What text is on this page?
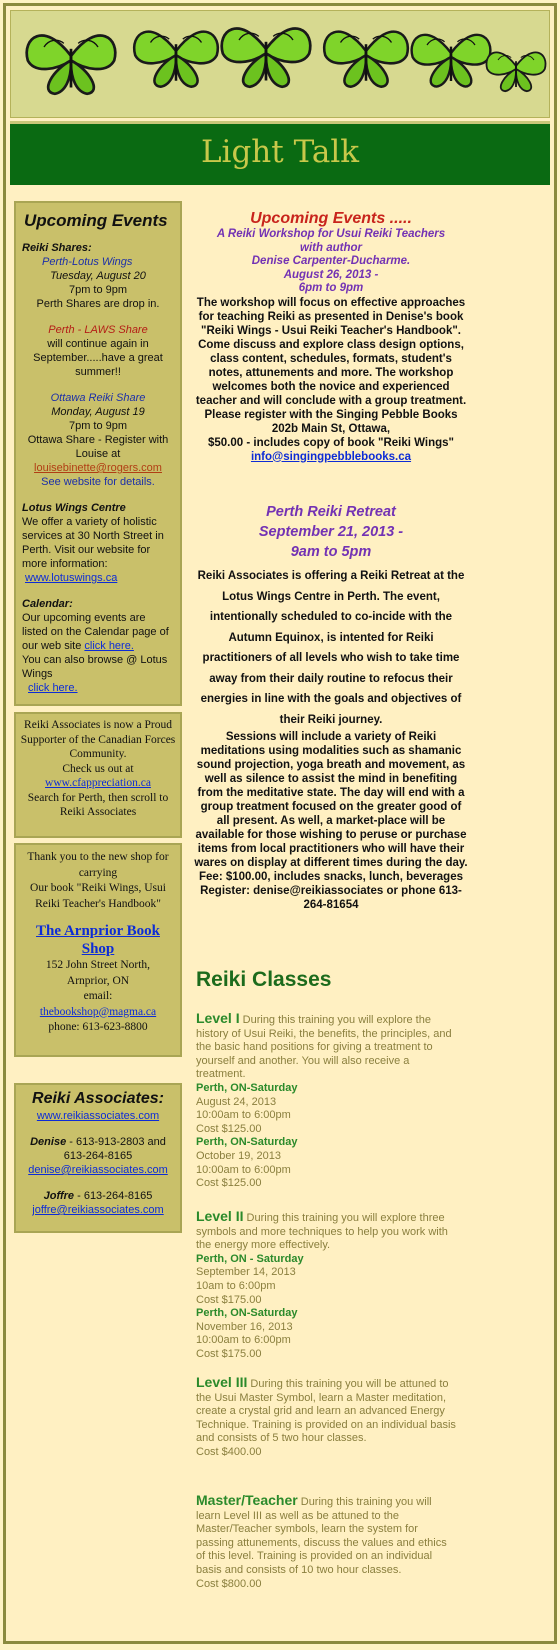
Light Talk
Upcoming Events

Reiki Shares:

Perth-Lotus Wings

Tuesday, August 20

7pm to 9pm

Perth Shares are drop in.

Perth - LAWS Share

will continue again in September.....have a great summer!!

Ottawa Reiki Share

Monday, August 19

7pm to 9pm

Ottawa Share - Register with Louise at

louisebinette@rogers.com

See website for details.

Lotus Wings Centre

We offer a variety of holistic services at 30 North Street in Perth. Visit our website for more information:

www.lotuswings.ca

Calendar:

Our upcoming events are listed on the Calendar page of our web site click here.

You can also browse @ Lotus Wings

click here.

Reiki Associates is now a Proud Supporter of the Canadian Forces Community.

Check us out at

www.cfappreciation.ca

Search for Perth, then scroll to Reiki Associates

Thank you to the new shop for carrying

Our book "Reiki Wings, Usui Reiki Teacher's Handbook"

The Arnprior Book Shop

152 John Street North,

Arnprior, ON

email:

thebookshop@magma.ca

phone: 613-623-8800

Reiki Associates:

www.reikiassociates.com

Denise - 613-913-2803 and 613-264-8165

denise@reikiassociates.com

Joffre - 613-264-8165

joffre@reikiassociates.com

Upcoming Events .....
A Reiki Workshop for Usui Reiki Teachers
with author
Denise Carpenter-Ducharme.
August 26, 2013 -
6pm to 9pm
The workshop will focus on effective approaches for teaching Reiki as presented in Denise's book "Reiki Wings - Usui Reiki Teacher's Handbook". Come discuss and explore class design options, class content, schedules, formats, student's notes, attunements and more. The workshop welcomes both the novice and experienced teacher and will conclude with a group treatment.
Please register with the Singing Pebble Books
202b Main St, Ottawa,
$50.00 - includes copy of book "Reiki Wings"
info@singingpebblebooks.ca
Perth Reiki Retreat
September 21, 2013 -
9am to 5pm
Reiki Associates is offering a Reiki Retreat at the Lotus Wings Centre in Perth. The event, intentionally scheduled to co-incide with the Autumn Equinox, is intented for Reiki practitioners of all levels who wish to take time away from their daily routine to refocus their energies in line with the goals and objectives of their Reiki journey.
Sessions will include a variety of Reiki meditations using modalities such as shamanic sound projection, yoga breath and movement, as well as silence to assist the mind in benefiting from the meditative state. The day will end with a group treatment focused on the greater good of all present. As well, a market-place will be available for those wishing to peruse or purchase items from local practitioners who will have their wares on display at different times during the day.
Fee: $100.00, includes snacks, lunch, beverages
Register: denise@reikiassociates or phone 613-264-81654
Reiki Classes
Level I During this training you will explore the history of Usui Reiki, the benefits, the principles, and the basic hand positions for giving a treatment to yourself and another. You will also receive a treatment.
Perth, ON-Saturday
August 24, 2013
10:00am to 6:00pm
Cost $125.00
Perth, ON-Saturday
October 19, 2013
10:00am to 6:00pm
Cost $125.00
Level II During this training you will explore three symbols and more techniques to help you work with the energy more effectively.
Perth, ON - Saturday
September 14, 2013
10am to 6:00pm
Cost $175.00
Perth, ON-Saturday
November 16, 2013
10:00am to 6:00pm
Cost $175.00
Level III During this training you will be attuned to the Usui Master Symbol, learn a Master meditation, create a crystal grid and learn an advanced Energy Technique. Training is provided on an individual basis and consists of 5 two hour classes.
Cost $400.00
Master/Teacher During this training you will learn Level III as well as be attuned to the Master/Teacher symbols, learn the system for passing attunements, discuss the values and ethics of this level. Training is provided on an individual basis and consists of 10 two hour classes.
Cost $800.00
